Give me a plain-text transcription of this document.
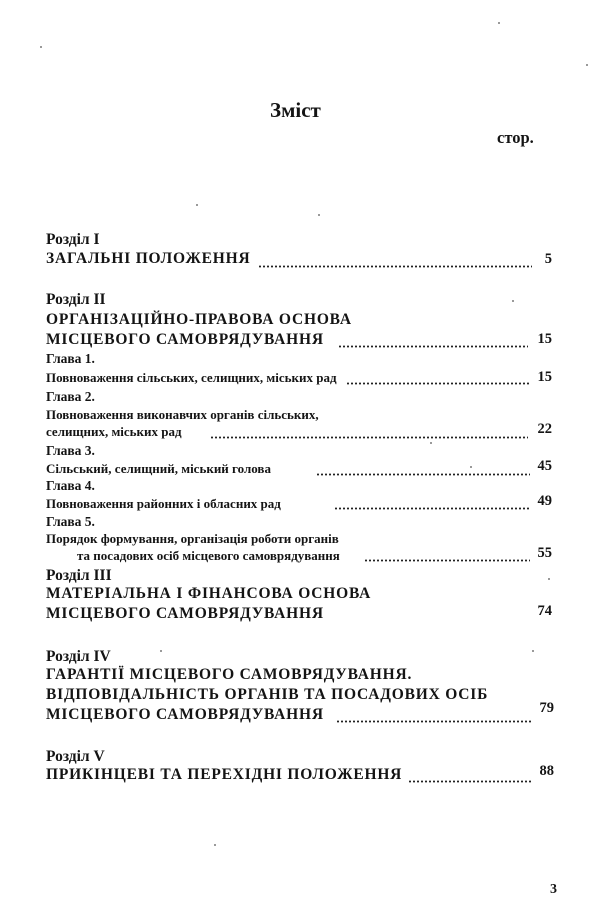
Зміст
стор.
Розділ I
ЗАГАЛЬНІ ПОЛОЖЕННЯ	5
Розділ II
ОРГАНІЗАЦІЙНО-ПРАВОВА ОСНОВА
МІСЦЕВОГО САМОВРЯДУВАННЯ	15
Глава 1.
Повноваження сільських, селищних, міських рад	15
Глава 2.
Повноваження виконавчих органів сільських,
селищних, міських рад	22
Глава 3.
Сільський, селищний, міський голова	45
Глава 4.
Повноваження районних і обласних рад	49
Глава 5.
Порядок формування, організація роботи органів
та посадових осіб місцевого самоврядування	55
Розділ III
МАТЕРІАЛЬНА І ФІНАНСОВА ОСНОВА
МІСЦЕВОГО САМОВРЯДУВАННЯ	74
Розділ IV
ГАРАНТІЇ МІСЦЕВОГО САМОВРЯДУВАННЯ.
ВІДПОВІДАЛЬНІСТЬ ОРГАНІВ ТА ПОСАДОВИХ ОСІБ
МІСЦЕВОГО САМОВРЯДУВАННЯ	79
Розділ V
ПРИКІНЦЕВІ ТА ПЕРЕХІДНІ ПОЛОЖЕННЯ	88
3
